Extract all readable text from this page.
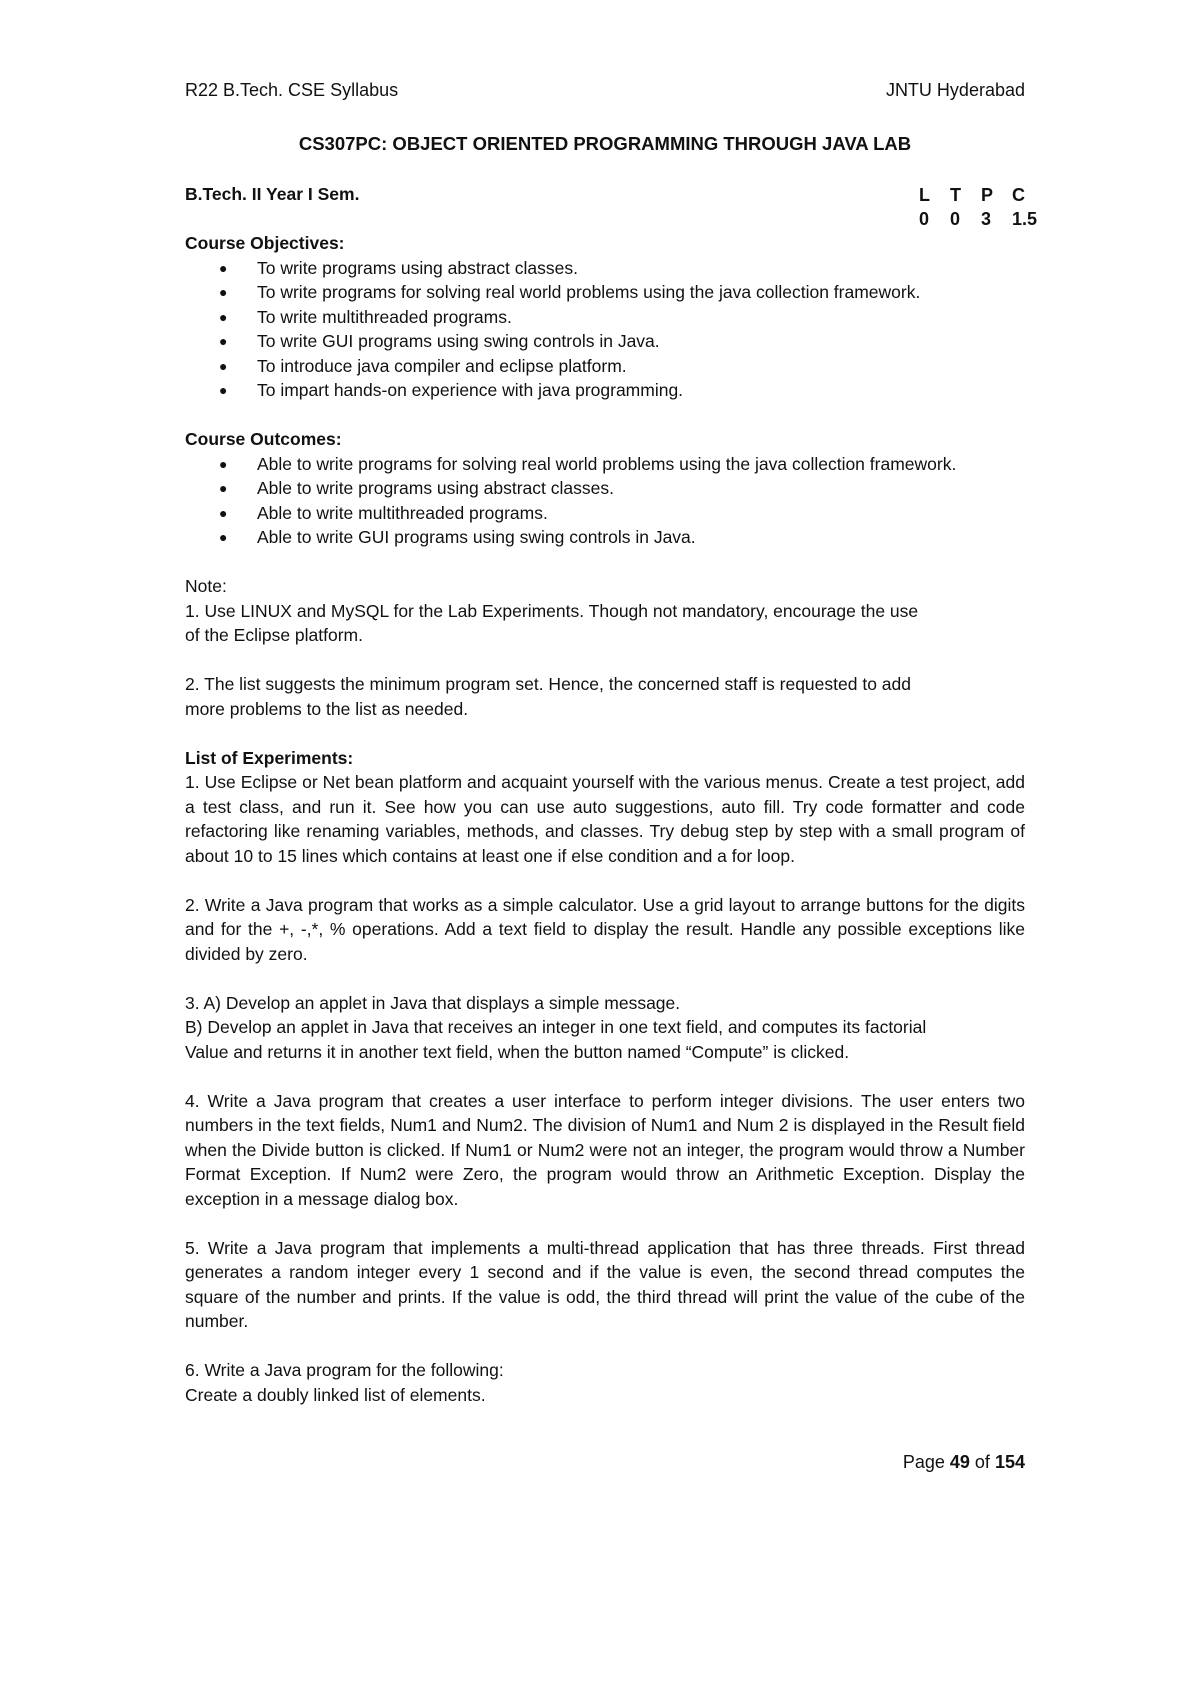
R22 B.Tech. CSE Syllabus	JNTU Hyderabad
CS307PC: OBJECT ORIENTED PROGRAMMING THROUGH JAVA LAB
L	T	P	C
0	0	3	1.5

B.Tech. II Year I Sem.

Course Objectives:

● To write programs using abstract classes.
● To write programs for solving real world problems using the java collection framework.
● To write multithreaded programs.
● To write GUI programs using swing controls in Java.
● To introduce java compiler and eclipse platform.
● To impart hands-on experience with java programming.

Course Outcomes:

● Able to write programs for solving real world problems using the java collection framework.
● Able to write programs using abstract classes.
● Able to write multithreaded programs.
● Able to write GUI programs using swing controls in Java.

Note:

1. Use LINUX and MySQL for the Lab Experiments. Though not mandatory, encourage the use

of the Eclipse platform.

2. The list suggests the minimum program set. Hence, the concerned staff is requested to add

more problems to the list as needed.

List of Experiments:

1. Use Eclipse or Net bean platform and acquaint yourself with the various menus. Create a test project, add a test class, and run it. See how you can use auto suggestions, auto fill. Try code formatter and code refactoring like renaming variables, methods, and classes. Try debug step by step with a small program of about 10 to 15 lines which contains at least one if else condition and a for loop.

2. Write a Java program that works as a simple calculator. Use a grid layout to arrange buttons for the digits and for the +, -,*, % operations. Add a text field to display the result. Handle any possible exceptions like divided by zero.

3. A) Develop an applet in Java that displays a simple message.

B) Develop an applet in Java that receives an integer in one text field, and computes its factorial

Value and returns it in another text field, when the button named “Compute” is clicked.

4. Write a Java program that creates a user interface to perform integer divisions. The user enters two numbers in the text fields, Num1 and Num2. The division of Num1 and Num 2 is displayed in the Result field when the Divide button is clicked. If Num1 or Num2 were not an integer, the program would throw a Number Format Exception. If Num2 were Zero, the program would throw an Arithmetic Exception. Display the exception in a message dialog box.

5. Write a Java program that implements a multi-thread application that has three threads. First thread generates a random integer every 1 second and if the value is even, the second thread computes the square of the number and prints. If the value is odd, the third thread will print the value of the cube of the number.

6. Write a Java program for the following:

Create a doubly linked list of elements.

Page 49 of 154
